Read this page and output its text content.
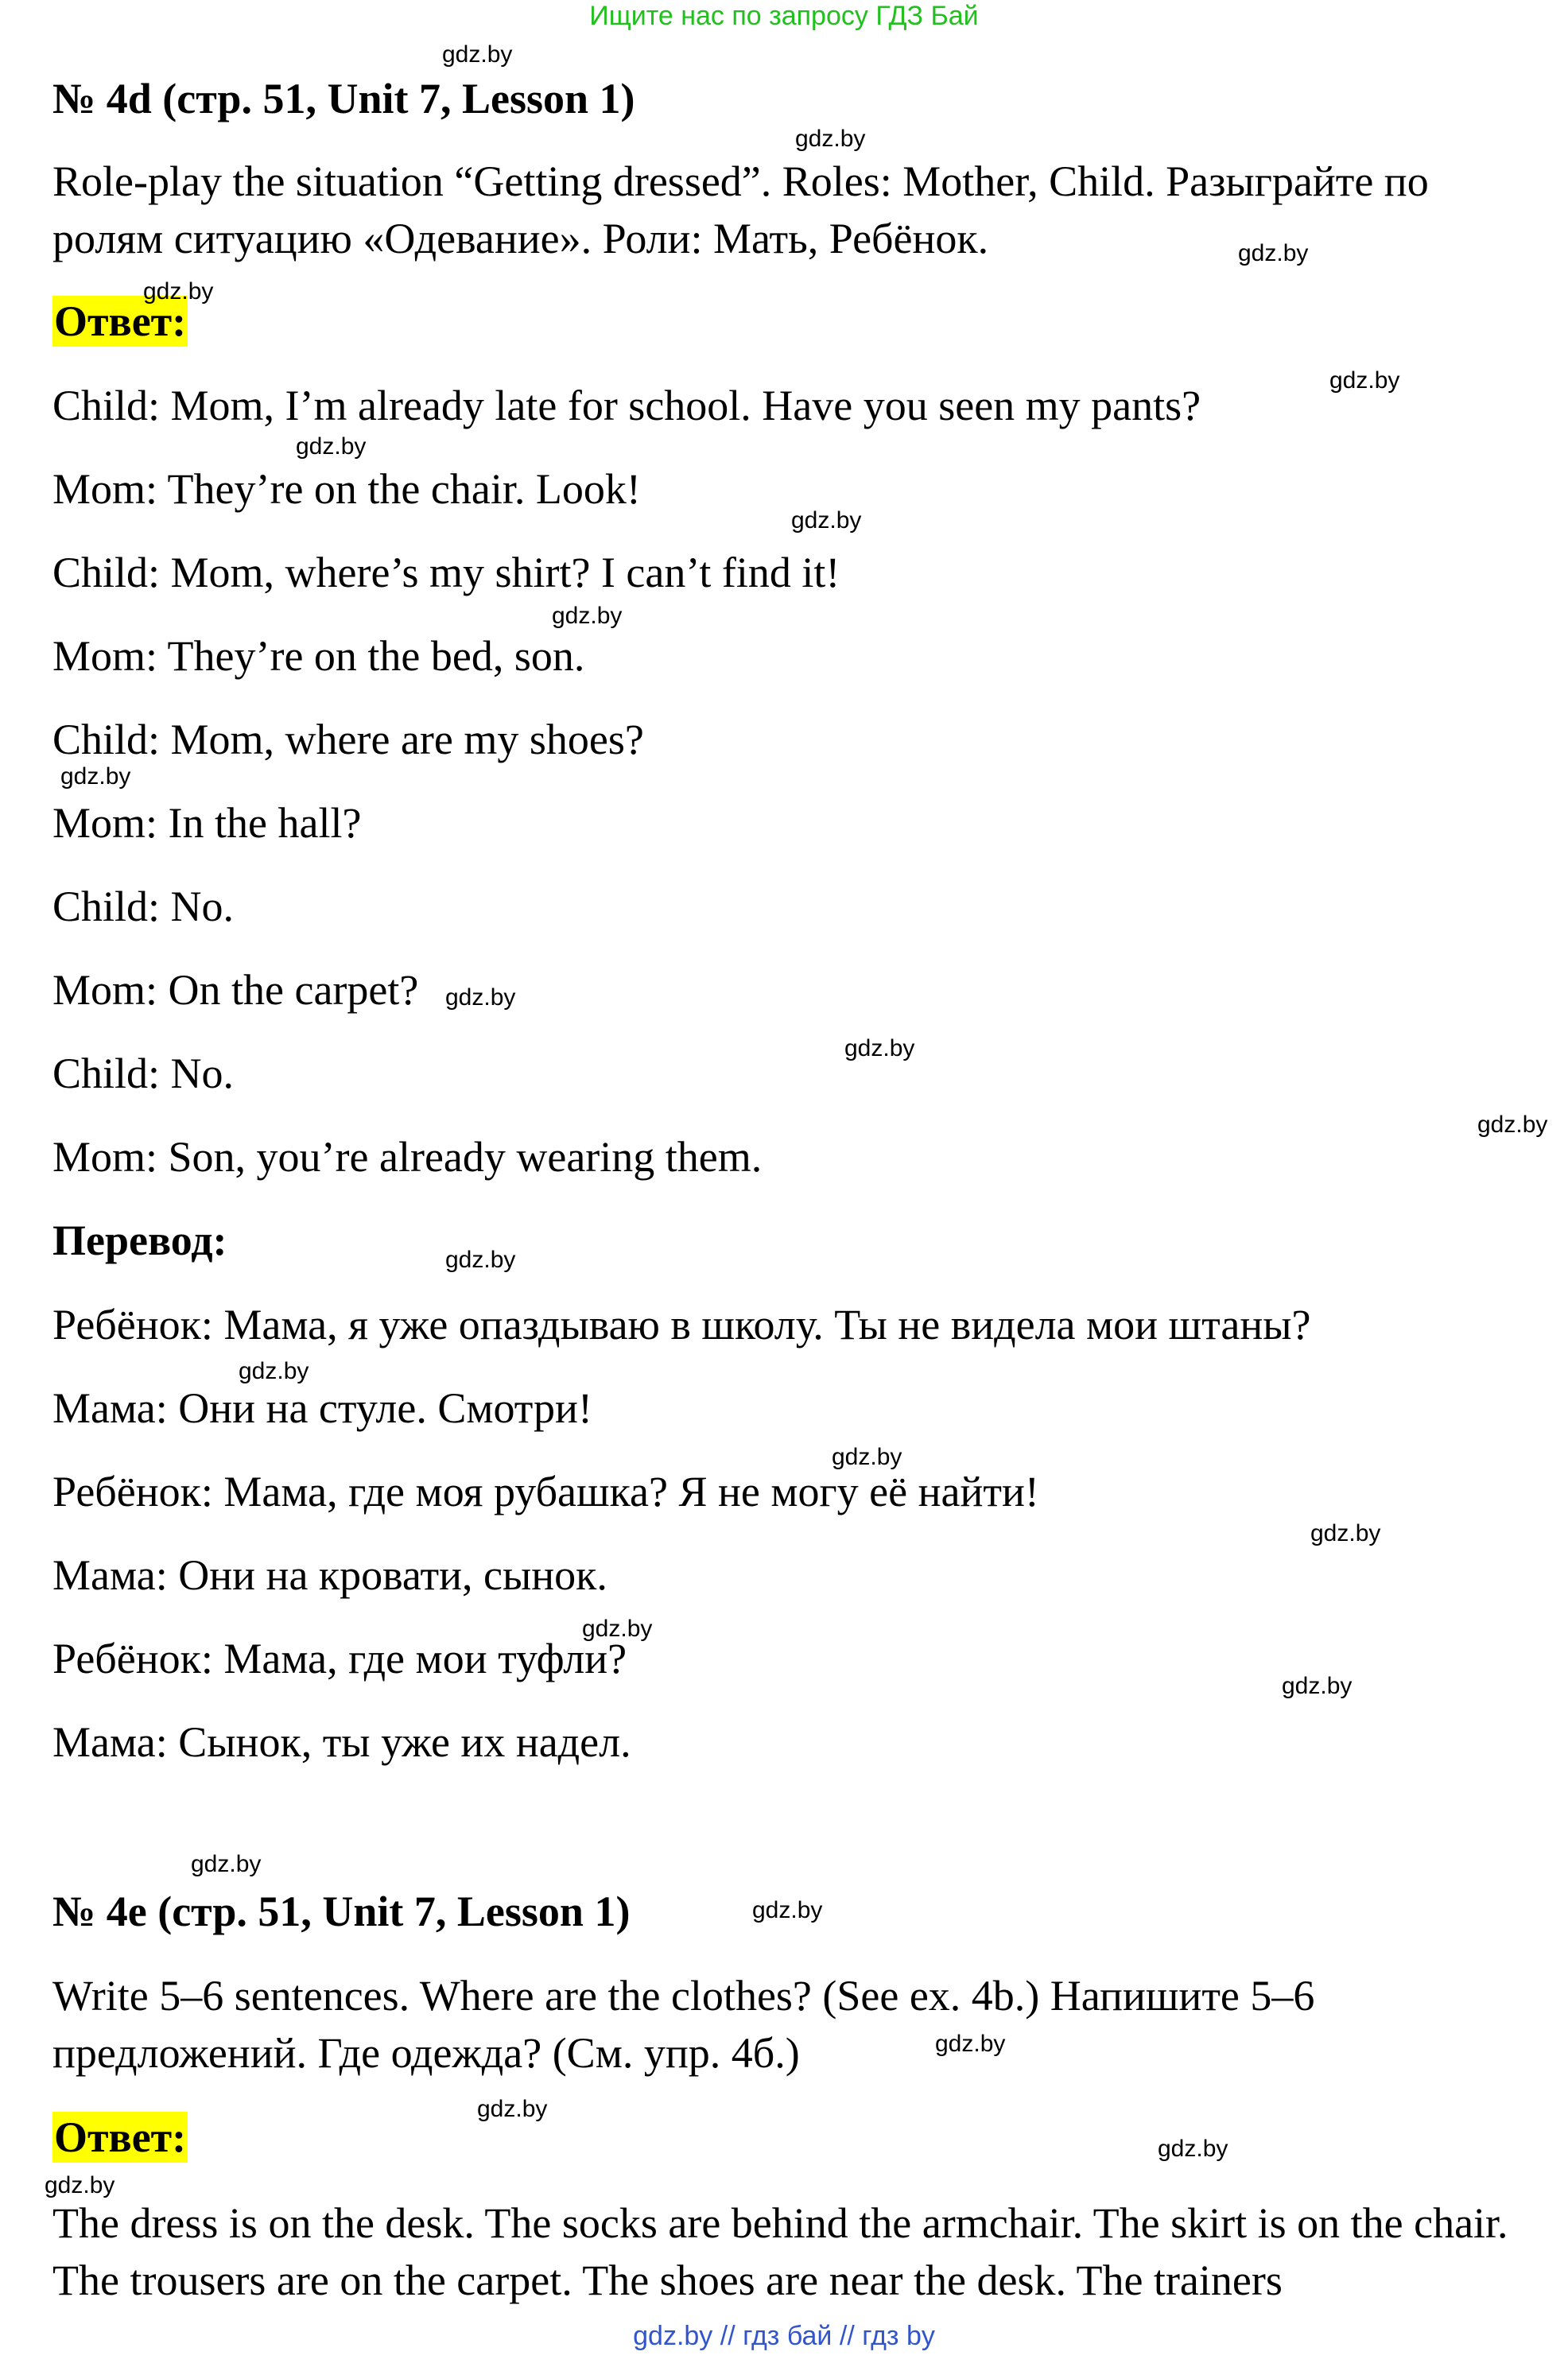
Ищите нас по запросу ГДЗ Бай
№ 4d (стр. 51, Unit 7, Lesson 1)
Role-play the situation “Getting dressed”. Roles: Mother, Child. Разыграйте по ролям ситуацию «Одевание». Роли: Мать, Ребёнок.
Ответ:
Child: Mom, I’m already late for school. Have you seen my pants?
Mom: They’re on the chair. Look!
Child: Mom, where’s my shirt? I can’t find it!
Mom: They’re on the bed, son.
Child: Mom, where are my shoes?
Mom: In the hall?
Child: No.
Mom: On the carpet?
Child: No.
Mom: Son, you’re already wearing them.
Перевод:
Ребёнок: Мама, я уже опаздываю в школу. Ты не видела мои штаны?
Мама: Они на стуле. Смотри!
Ребёнок: Мама, где моя рубашка? Я не могу её найти!
Мама: Они на кровати, сынок.
Ребёнок: Мама, где мои туфли?
Мама: Сынок, ты уже их надел.
№ 4e (стр. 51, Unit 7, Lesson 1)
Write 5–6 sentences. Where are the clothes? (See ex. 4b.) Напишите 5–6 предложений. Где одежда? (См. упр. 4б.)
Ответ:
The dress is on the desk. The socks are behind the armchair. The skirt is on the chair. The trousers are on the carpet. The shoes are near the desk. The trainers
gdz.by
gdz.by
gdz.by
gdz.by
gdz.by
gdz.by
gdz.by
gdz.by
gdz.by
gdz.by
gdz.by
gdz.by
gdz.by
gdz.by
gdz.by
gdz.by
gdz.by
gdz.by
gdz.by
gdz.by
gdz.by
gdz.by
gdz.by
gdz.by
gdz.by // гдз бай // гдз by
